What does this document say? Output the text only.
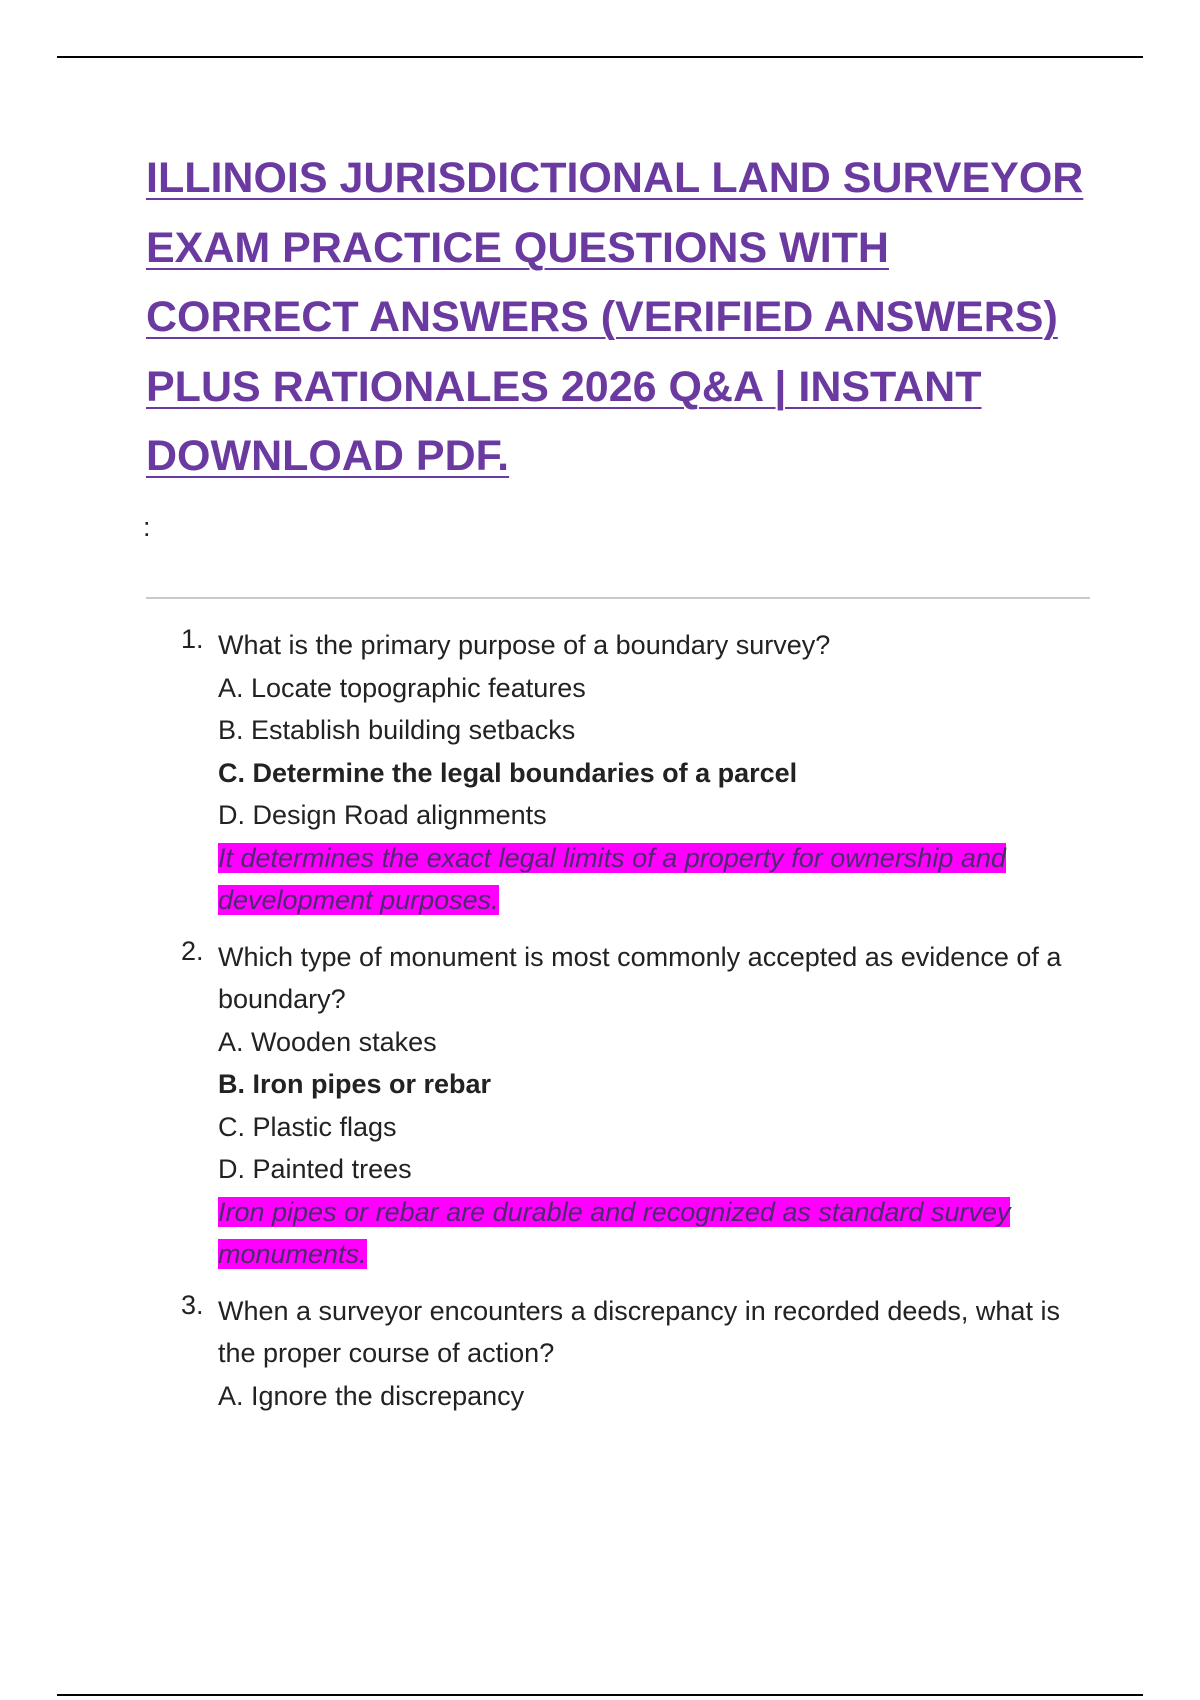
ILLINOIS JURISDICTIONAL LAND SURVEYOR EXAM PRACTICE QUESTIONS WITH CORRECT ANSWERS (VERIFIED ANSWERS) PLUS RATIONALES 2026 Q&A | INSTANT DOWNLOAD PDF.
:
1. What is the primary purpose of a boundary survey?
A. Locate topographic features
B. Establish building setbacks
C. Determine the legal boundaries of a parcel
D. Design Road alignments
It determines the exact legal limits of a property for ownership and development purposes.
2. Which type of monument is most commonly accepted as evidence of a boundary?
A. Wooden stakes
B. Iron pipes or rebar
C. Plastic flags
D. Painted trees
Iron pipes or rebar are durable and recognized as standard survey monuments.
3. When a surveyor encounters a discrepancy in recorded deeds, what is the proper course of action?
A. Ignore the discrepancy
